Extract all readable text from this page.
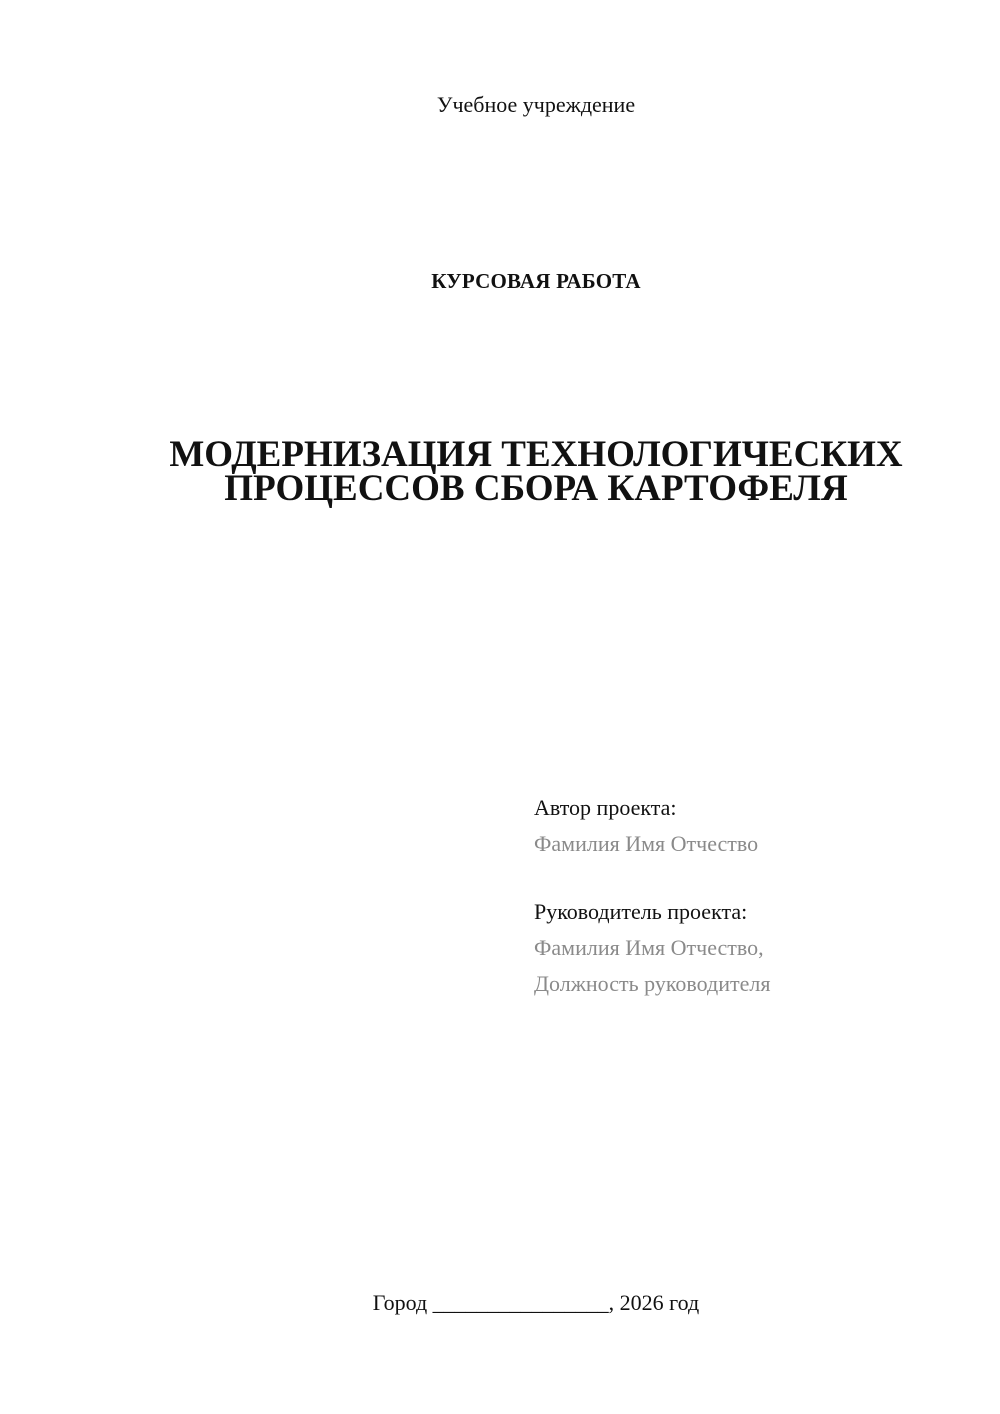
Учебное учреждение
КУРСОВАЯ РАБОТА
МОДЕРНИЗАЦИЯ ТЕХНОЛОГИЧЕСКИХ
ПРОЦЕССОВ СБОРА КАРТОФЕЛЯ
Автор проекта:
Фамилия Имя Отчество
Руководитель проекта:
Фамилия Имя Отчество,
Должность руководителя
Город ________________, 2026 год
